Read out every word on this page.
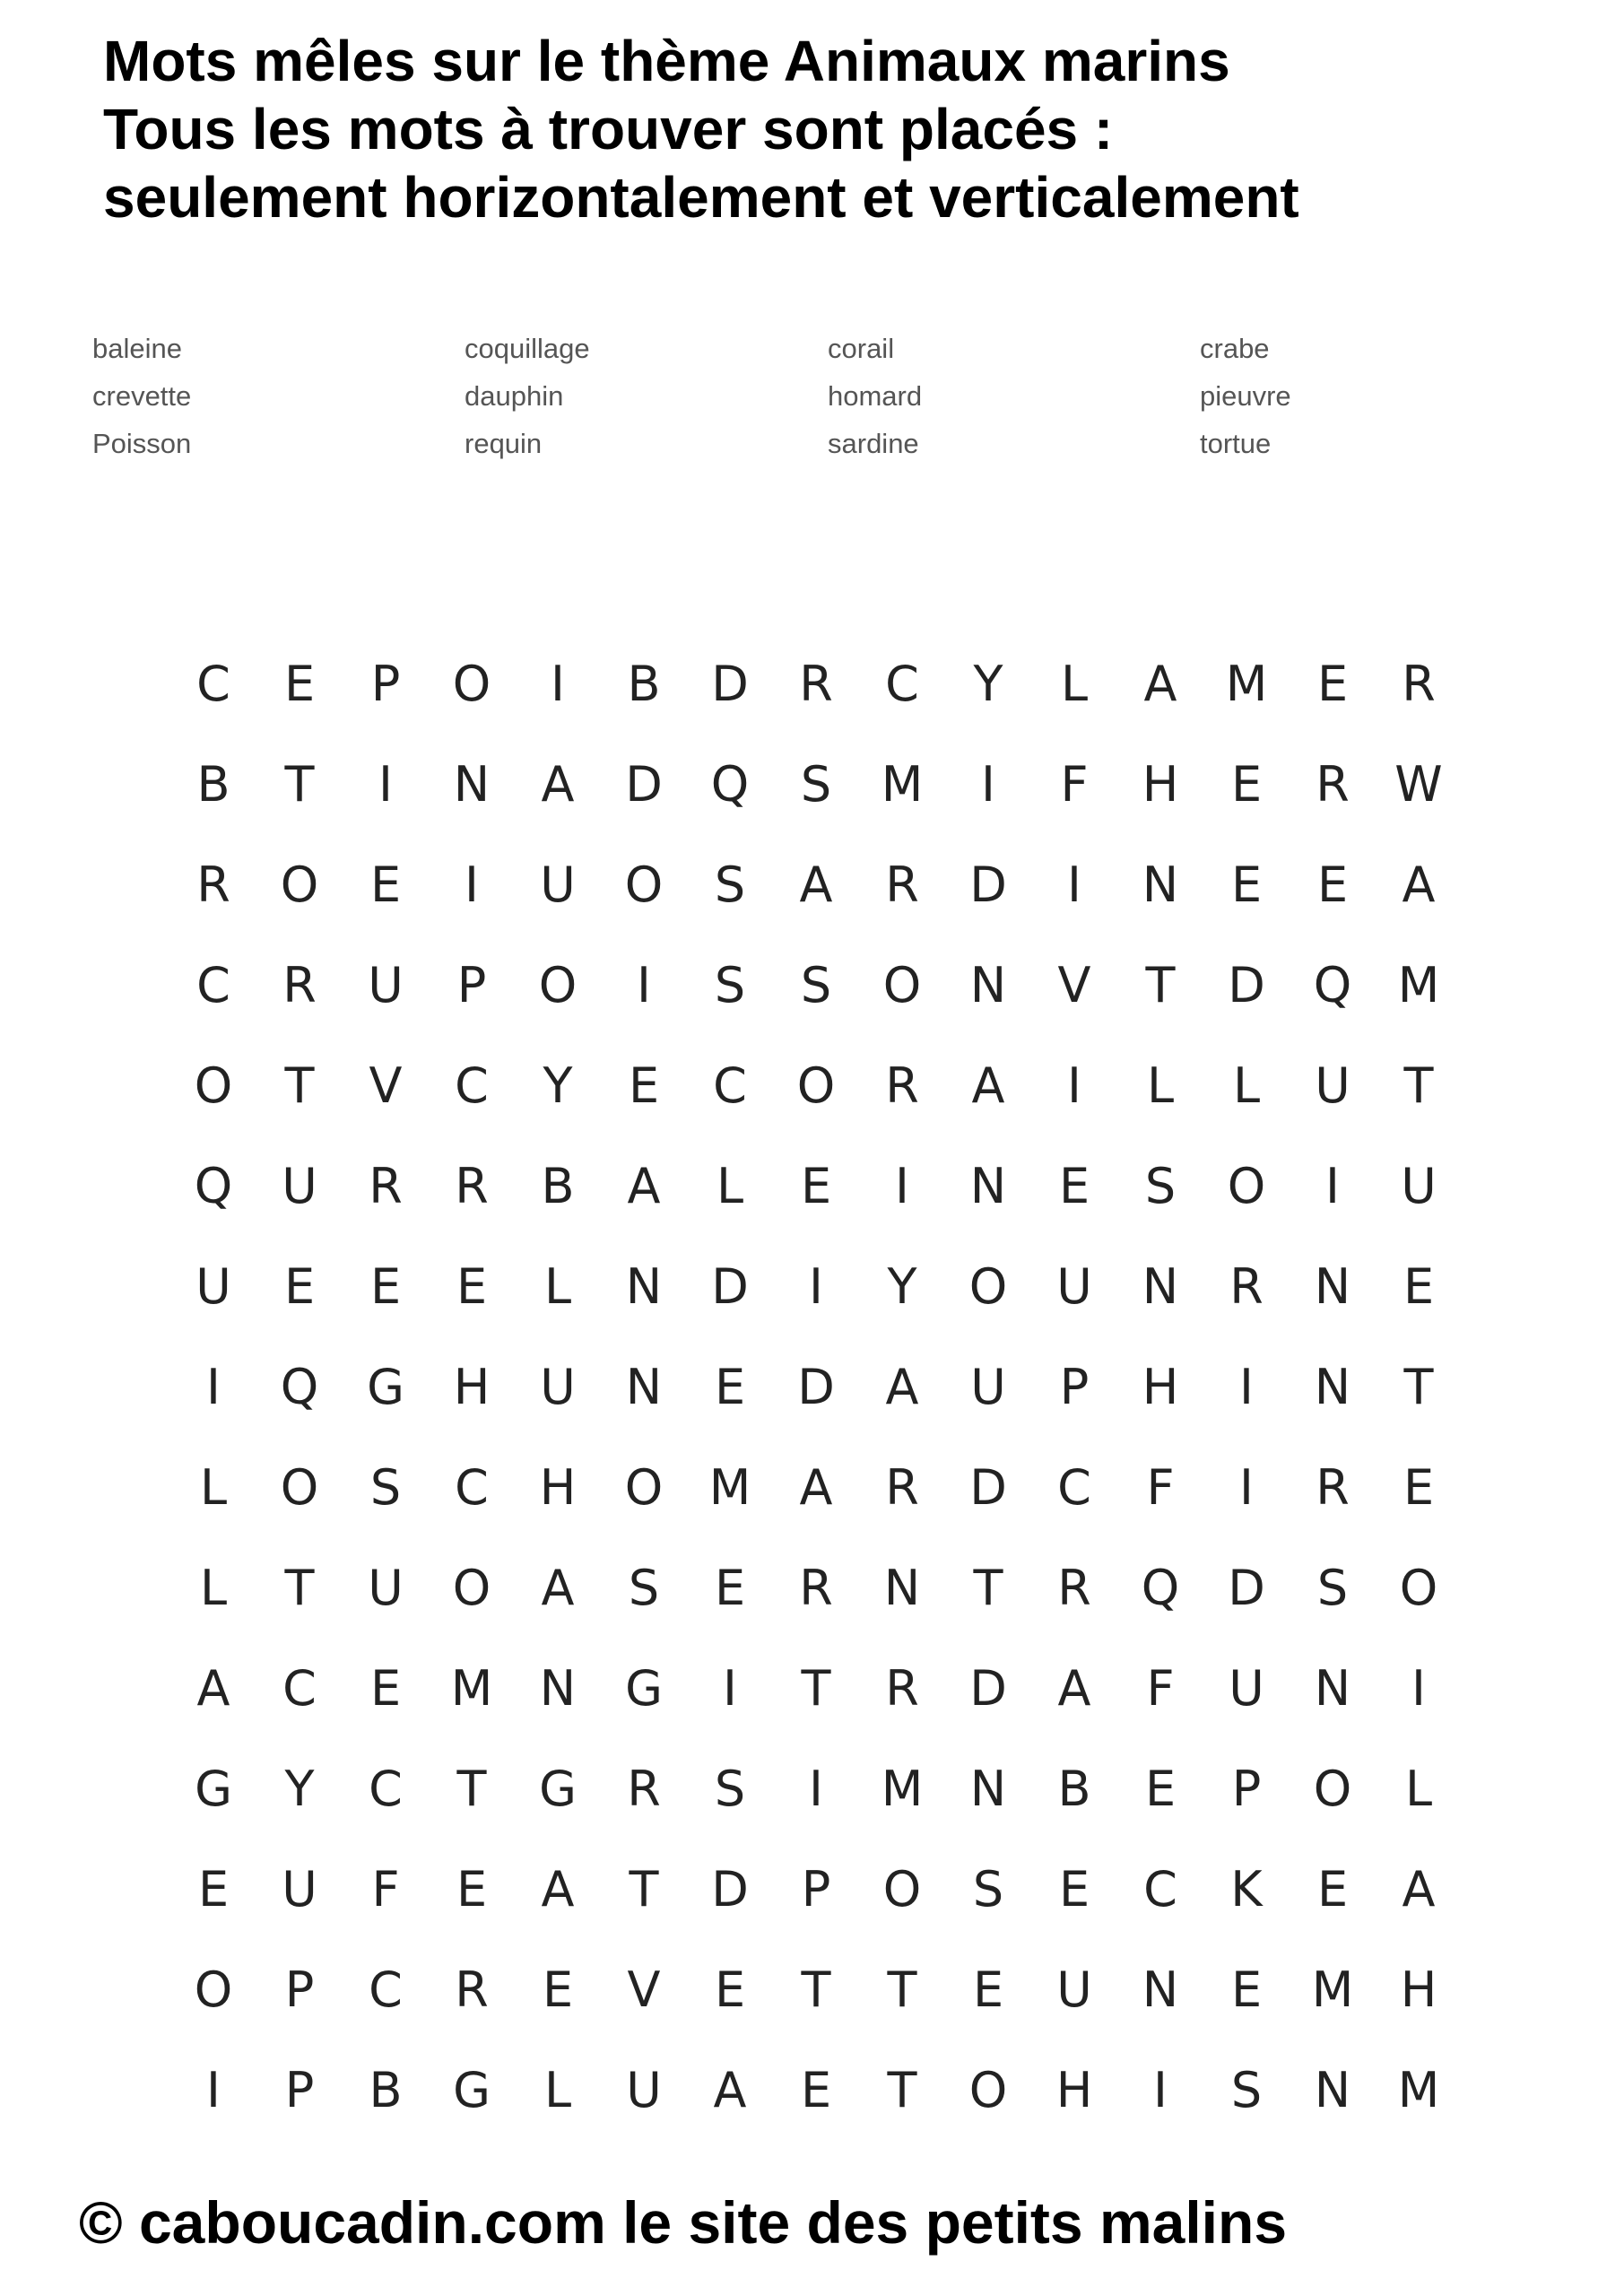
Mots mêles sur le thème Animaux marins
Tous les mots à trouver sont placés :
seulement horizontalement et verticalement
baleine
crevette
Poisson
coquillage
dauphin
requin
corail
homard
sardine
crabe
pieuvre
tortue
C	E	P	O	I	B	D	R	C	Y	L	A	M	E	R
B	T	I	N	A	D Q	S	M	I	F	H	E	R W
R	O	E	I	U	O	S	A	R	D	I	N	E	E	A
C	R	U	P	O	I	S	S	O	N	V	T	D Q M
O	T	V	C	Y	E	C	O	R	A	I	L	L	U	T
Q	U	R	R	B	A	L	E	I	N	E	S	O	I	U
U	E	E	E	L	N	D	I	Y	O	U	N	R	N	E
I	Q G	H	U	N	E	D	A	U	P	H	I	N	T
L	O	S	C	H	O M	A	R	D	C	F	I	R	E
L	T	U	O	A	S	E	R	N	T	R	Q D	S	O
A	C	E	M N	G	I	T	R	D	A	F	U	N	I
G	Y	C	T	G	R	S	I	M N	B	E	P	O	L
E	U	F	E	A	T	D	P	O	S	E	C	K	E	A
O	P	C	R	E	V	E	T	T	E	U	N	E	M H
I	P	B	G	L	U	A	E	T	O	H	I	S	N M
© caboucadin.com le site des petits malins
